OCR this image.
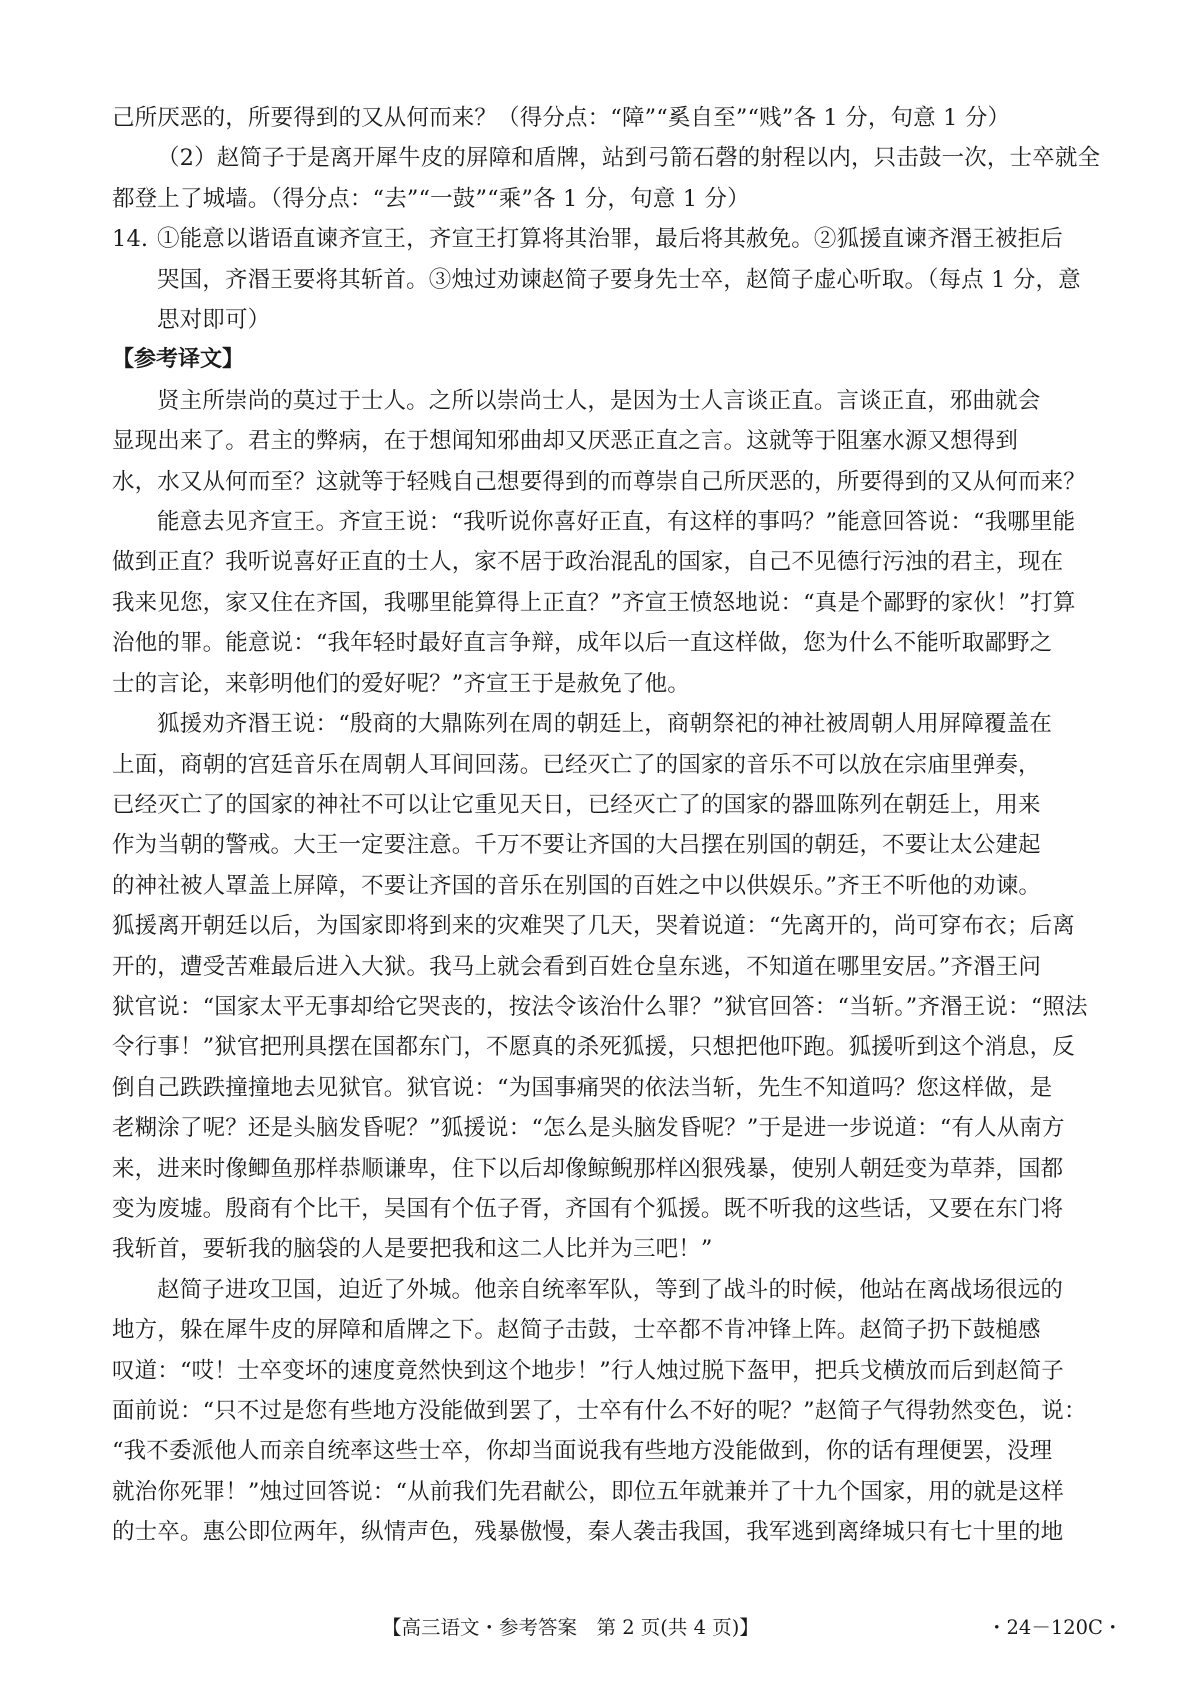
己所厌恶的，所要得到的又从何而来？（得分点：“障”“奚自至”“贱”各 1 分，句意 1 分）
（2）赵简子于是离开犀牛皮的屏障和盾牌，站到弓箭石磬的射程以内，只击鼓一次，士卒就全
都登上了城墙。（得分点：“去”“一鼓”“乘”各 1 分，句意 1 分）
14. ①能意以谐语直谏齐宣王，齐宣王打算将其治罪，最后将其赦免。②狐援直谏齐湣王被拒后
哭国，齐湣王要将其斩首。③烛过劝谏赵简子要身先士卒，赵简子虚心听取。（每点 1 分，意
思对即可）
【参考译文】
贤主所崇尚的莫过于士人。之所以崇尚士人，是因为士人言谈正直。言谈正直，邪曲就会
显现出来了。君主的弊病，在于想闻知邪曲却又厌恶正直之言。这就等于阻塞水源又想得到
水，水又从何而至？这就等于轻贱自己想要得到的而尊崇自己所厌恶的，所要得到的又从何而来？
能意去见齐宣王。齐宣王说：“我听说你喜好正直，有这样的事吗？”能意回答说：“我哪里能
做到正直？我听说喜好正直的士人，家不居于政治混乱的国家，自己不见德行污浊的君主，现在
我来见您，家又住在齐国，我哪里能算得上正直？”齐宣王愤怒地说：“真是个鄙野的家伙！”打算
治他的罪。能意说：“我年轻时最好直言争辩，成年以后一直这样做，您为什么不能听取鄙野之
士的言论，来彰明他们的爱好呢？”齐宣王于是赦免了他。
狐援劝齐湣王说：“殷商的大鼎陈列在周的朝廷上，商朝祭祀的神社被周朝人用屏障覆盖在
上面，商朝的宫廷音乐在周朝人耳间回荡。已经灭亡了的国家的音乐不可以放在宗庙里弹奏，
已经灭亡了的国家的神社不可以让它重见天日，已经灭亡了的国家的器皿陈列在朝廷上，用来
作为当朝的警戒。大王一定要注意。千万不要让齐国的大吕摆在别国的朝廷，不要让太公建起
的神社被人罩盖上屏障，不要让齐国的音乐在别国的百姓之中以供娱乐。”齐王不听他的劝谏。
狐援离开朝廷以后，为国家即将到来的灾难哭了几天，哭着说道：“先离开的，尚可穿布衣；后离
开的，遭受苦难最后进入大狱。我马上就会看到百姓仓皇东逃，不知道在哪里安居。”齐湣王问
狱官说：“国家太平无事却给它哭丧的，按法令该治什么罪？”狱官回答：“当斩。”齐湣王说：“照法
令行事！”狱官把刑具摆在国都东门，不愿真的杀死狐援，只想把他吓跑。狐援听到这个消息，反
倒自己跌跌撞撞地去见狱官。狱官说：“为国事痛哭的依法当斩，先生不知道吗？您这样做，是
老糊涂了呢？还是头脑发昏呢？”狐援说：“怎么是头脑发昏呢？”于是进一步说道：“有人从南方
来，进来时像鲫鱼那样恭顺谦卑，住下以后却像鲸鲵那样凶狠残暴，使别人朝廷变为草莽，国都
变为废墟。殷商有个比干，吴国有个伍子胥，齐国有个狐援。既不听我的这些话，又要在东门将
我斩首，要斩我的脑袋的人是要把我和这二人比并为三吧！”
赵简子进攻卫国，迫近了外城。他亲自统率军队，等到了战斗的时候，他站在离战场很远的
地方，躲在犀牛皮的屏障和盾牌之下。赵简子击鼓，士卒都不肯冲锋上阵。赵简子扔下鼓槌感
叹道：“哎！士卒变坏的速度竟然快到这个地步！”行人烛过脱下盔甲，把兵戈横放而后到赵简子
面前说：“只不过是您有些地方没能做到罢了，士卒有什么不好的呢？”赵简子气得勃然变色，说：
“我不委派他人而亲自统率这些士卒，你却当面说我有些地方没能做到，你的话有理便罢，没理
就治你死罪！”烛过回答说：“从前我们先君献公，即位五年就兼并了十九个国家，用的就是这样
的士卒。惠公即位两年，纵情声色，残暴傲慢，秦人袭击我国，我军逃到离绛城只有七十里的地
【高三语文・参考答案　第 2 页(共 4 页)】	・24－120C・
